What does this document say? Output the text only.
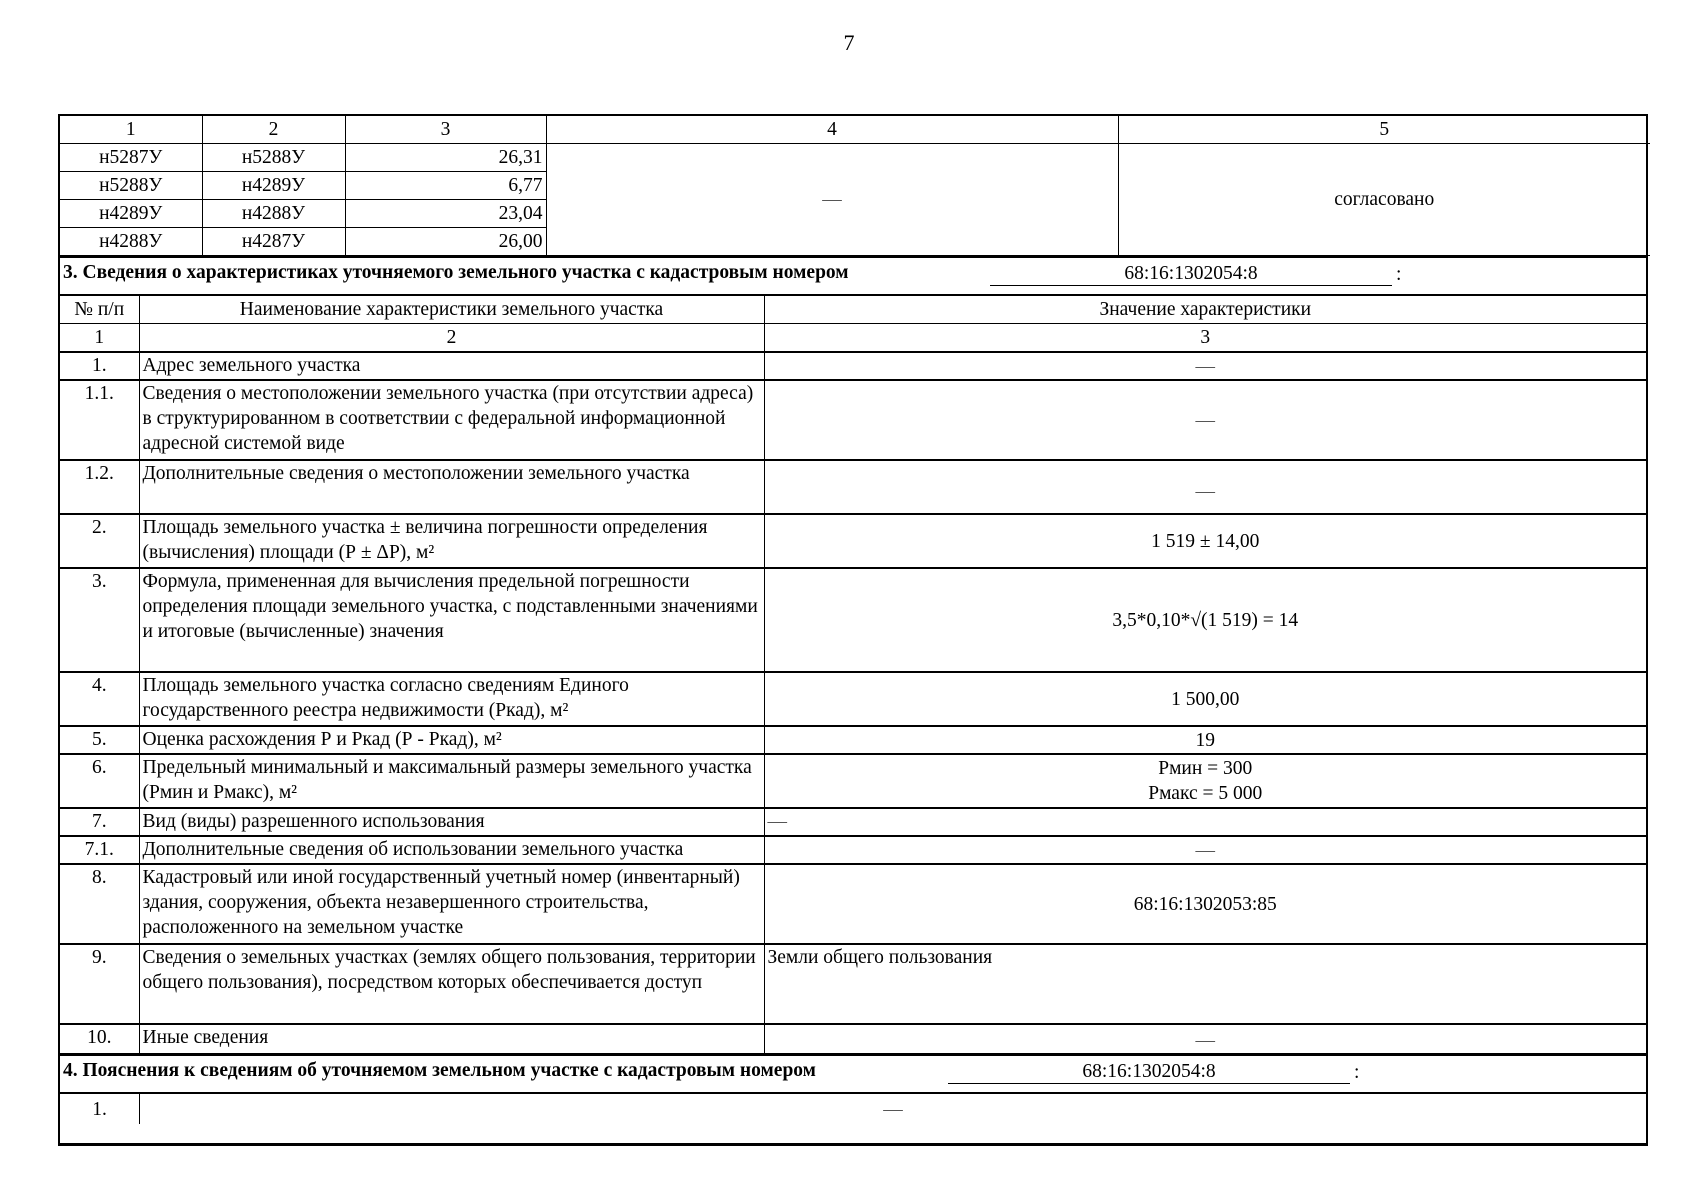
7
1	2	3	4	5
н5287У	н5288У	26,31	—	согласовано
н5288У	н4289У	6,77		
н4289У	н4288У	23,04		
н4288У	н4287У	26,00		
3. Сведения о характеристиках уточняемого земельного участка с кадастровым номером	68:16:1302054:8	:
№ п/п	Наименование характеристики земельного участка	Значение характеристики
1	2	3
1.	Адрес земельного участка	—
1.1.	Сведения о местоположении земельного участка (при отсутствии адреса) в структурированном в соответствии с федеральной информационной адресной системой виде	—
1.2.	Дополнительные сведения о местоположении земельного участка	—
2.	Площадь земельного участка ± величина погрешности определения (вычисления) площади (Р ± ΔР), м²	1 519 ± 14,00
3.	Формула, примененная для вычисления предельной погрешности определения площади земельного участка, с подставленными значениями и итоговые (вычисленные) значения	3,5*0,10*√(1 519) = 14
4.	Площадь земельного участка согласно сведениям Единого государственного реестра недвижимости (Ркад), м²	1 500,00
5.	Оценка расхождения Р и Ркад (Р - Ркад), м²	19
6.	Предельный минимальный и максимальный размеры земельного участка (Рмин и Рмакс), м²	Рмин = 300
Рмакс = 5 000

7.	Вид (виды) разрешенного использования	—
7.1.	Дополнительные сведения об использовании земельного участка	—
8.	Кадастровый или иной государственный учетный номер (инвентарный) здания, сооружения, объекта незавершенного строительства, расположенного на земельном участке	68:16:1302053:85
9.	Сведения о земельных участках (землях общего пользования, территории общего пользования), посредством которых обеспечивается доступ	Земли общего пользования
10.	Иные сведения	—
4. Пояснения к сведениям об уточняемом земельном участке с кадастровым номером	68:16:1302054:8	:
1.	—
